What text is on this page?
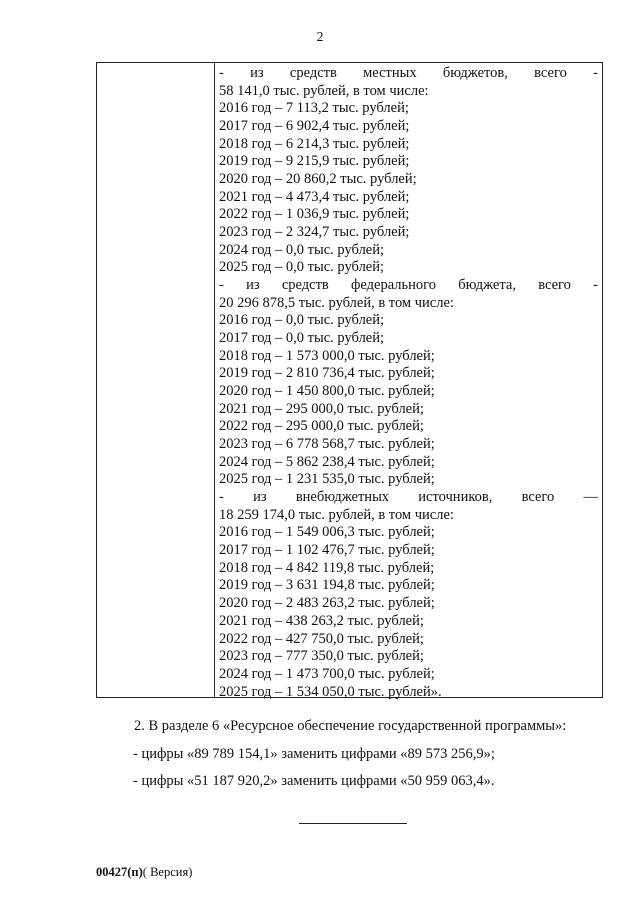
2
- из средств местных бюджетов, всего -
58 141,0 тыс. рублей, в том числе:
2016 год – 7 113,2 тыс. рублей;
2017 год – 6 902,4 тыс. рублей;
2018 год – 6 214,3 тыс. рублей;
2019 год – 9 215,9 тыс. рублей;
2020 год – 20 860,2 тыс. рублей;
2021 год – 4 473,4 тыс. рублей;
2022 год – 1 036,9 тыс. рублей;
2023 год – 2 324,7 тыс. рублей;
2024 год – 0,0 тыс. рублей;
2025 год – 0,0 тыс. рублей;
- из средств федерального бюджета, всего -
20 296 878,5 тыс. рублей, в том числе:
2016 год – 0,0 тыс. рублей;
2017 год – 0,0 тыс. рублей;
2018 год – 1 573 000,0 тыс. рублей;
2019 год – 2 810 736,4 тыс. рублей;
2020 год – 1 450 800,0 тыс. рублей;
2021 год – 295 000,0 тыс. рублей;
2022 год – 295 000,0 тыс. рублей;
2023 год – 6 778 568,7 тыс. рублей;
2024 год – 5 862 238,4 тыс. рублей;
2025 год – 1 231 535,0 тыс. рублей;
- из внебюджетных источников, всего —
18 259 174,0 тыс. рублей, в том числе:
2016 год – 1 549 006,3 тыс. рублей;
2017 год – 1 102 476,7 тыс. рублей;
2018 год – 4 842 119,8 тыс. рублей;
2019 год – 3 631 194,8 тыс. рублей;
2020 год – 2 483 263,2 тыс. рублей;
2021 год – 438 263,2 тыс. рублей;
2022 год – 427 750,0 тыс. рублей;
2023 год – 777 350,0 тыс. рублей;
2024 год – 1 473 700,0 тыс. рублей;
2025 год – 1 534 050,0 тыс. рублей».
2. В разделе 6 «Ресурсное обеспечение государственной программы»:
- цифры «89 789 154,1» заменить цифрами «89 573 256,9»;
- цифры «51 187 920,2» заменить цифрами «50 959 063,4».
00427(п)( Версия)
